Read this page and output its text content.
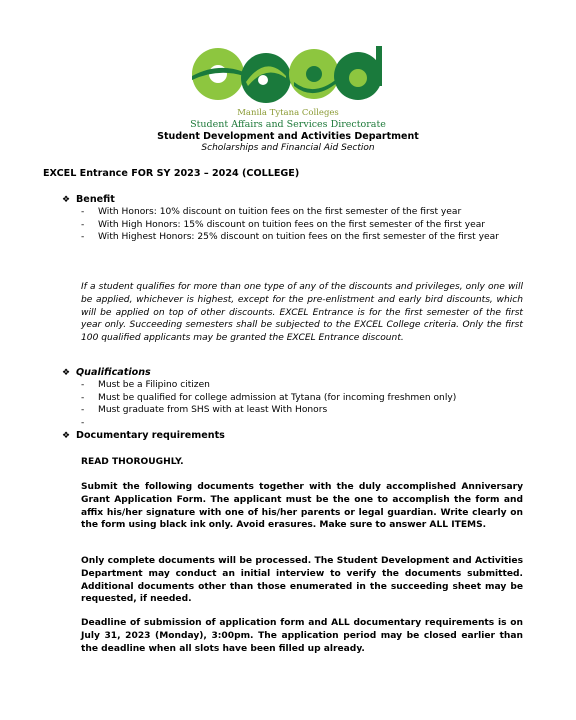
Manila Tytana Colleges
Student Affairs and Services Directorate
Student Development and Activities Department
Scholarships and Financial Aid Section
EXCEL Entrance FOR SY 2023 – 2024 (COLLEGE)
❖ Benefit
- With Honors: 10% discount on tuition fees on the first semester of the first year
- With High Honors: 15% discount on tuition fees on the first semester of the first year
- With Highest Honors: 25% discount on tuition fees on the first semester of the first year
If a student qualifies for more than one type of any of the discounts and privileges, only one will be applied, whichever is highest, except for the pre-enlistment and early bird discounts, which will be applied on top of other discounts. EXCEL Entrance is for the first semester of the first year only. Succeeding semesters shall be subjected to the EXCEL College criteria. Only the first 100 qualified applicants may be granted the EXCEL Entrance discount.
❖ Qualifications
- Must be a Filipino citizen
- Must be qualified for college admission at Tytana (for incoming freshmen only)
- Must graduate from SHS with at least With Honors
-
❖ Documentary requirements
READ THOROUGHLY.
Submit the following documents together with the duly accomplished Anniversary Grant Application Form. The applicant must be the one to accomplish the form and affix his/her signature with one of his/her parents or legal guardian. Write clearly on the form using black ink only. Avoid erasures. Make sure to answer ALL ITEMS.
Only complete documents will be processed. The Student Development and Activities Department may conduct an initial interview to verify the documents submitted. Additional documents other than those enumerated in the succeeding sheet may be requested, if needed.
Deadline of submission of application form and ALL documentary requirements is on July 31, 2023 (Monday), 3:00pm. The application period may be closed earlier than the deadline when all slots have been filled up already.
